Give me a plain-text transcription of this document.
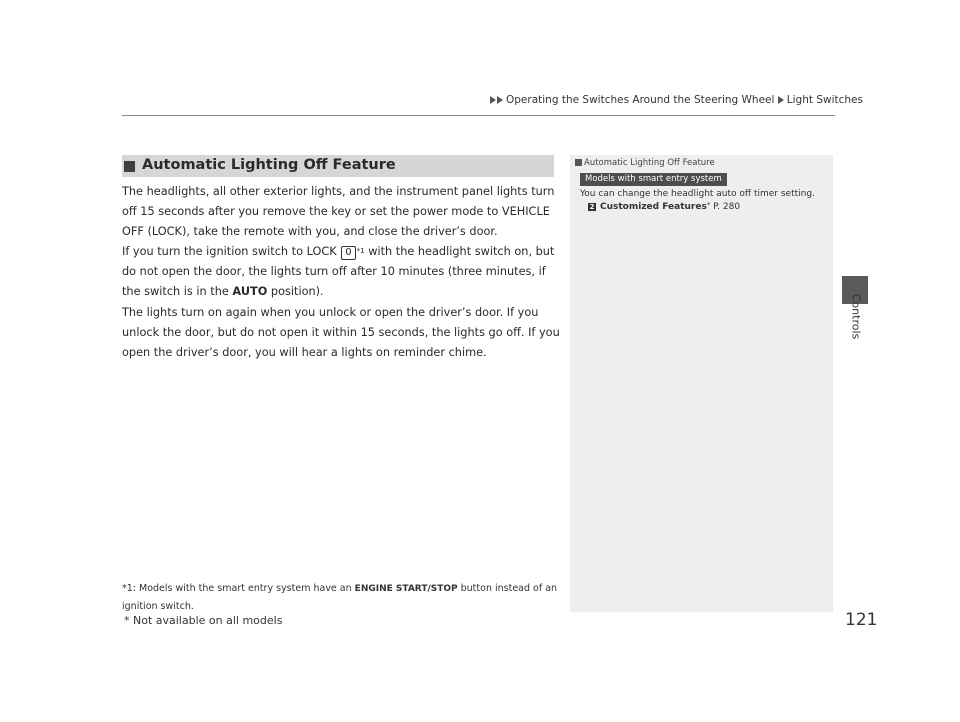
Operating the Switches Around the Steering Wheel Light Switches
Controls
Automatic Lighting Off Feature
The headlights, all other exterior lights, and the instrument panel lights turn off 15 seconds after you remove the key or set the power mode to VEHICLE OFF (LOCK), take the remote with you, and close the driver’s door.
If you turn the ignition switch to LOCK 0 $^{*1}$ with the headlight switch on, but do not open the door, the lights turn off after 10 minutes (three minutes, if the switch is in the AUTO position).
The lights turn on again when you unlock or open the driver’s door. If you unlock the door, but do not open it within 15 seconds, the lights go off. If you open the driver’s door, you will hear a lights on reminder chime.
*1: Models with the smart entry system have an ENGINE START/STOP button instead of an ignition switch.
* Not available on all models
Automatic Lighting Off Feature
Models with smart entry system
You can change the headlight auto off timer setting.
2 Customized Features* P. 280
121
